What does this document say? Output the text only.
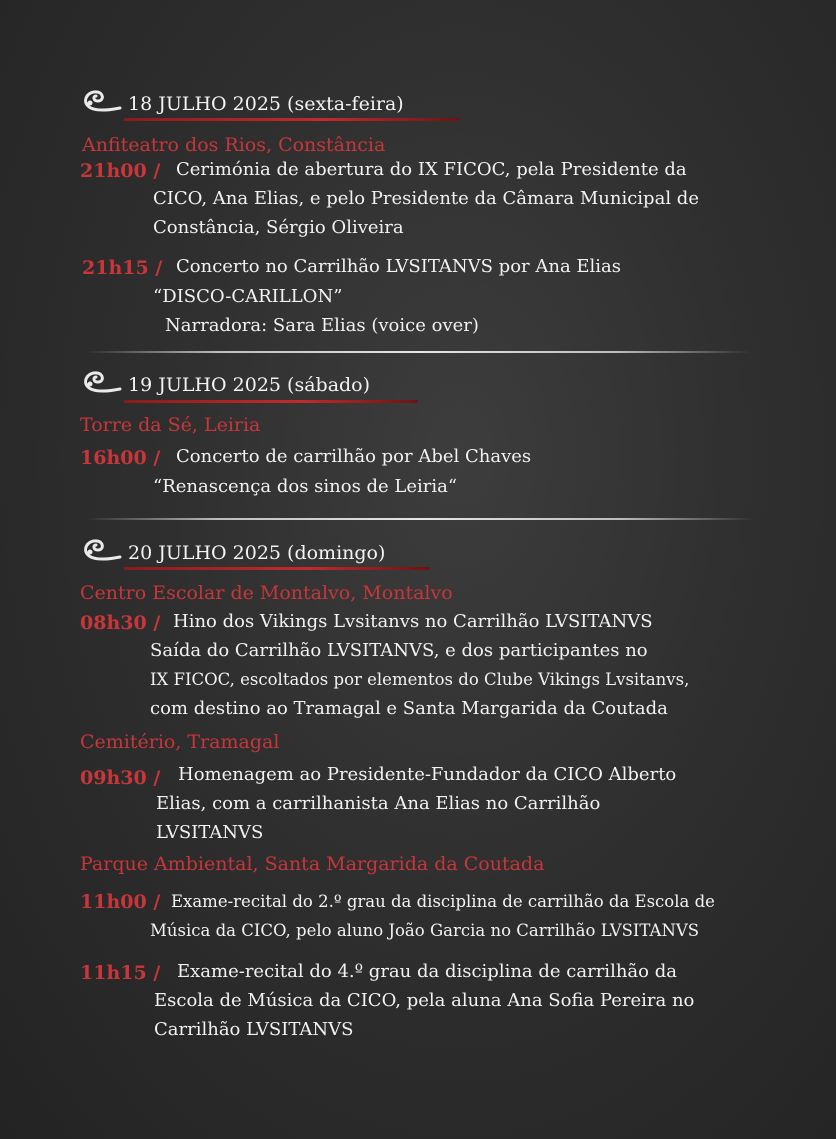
18 JULHO 2025 (sexta-feira)
Anfiteatro dos Rios, Constância
21h00 / Cerimónia de abertura do IX FICOC, pela Presidente da
CICO, Ana Elias, e pelo Presidente da Câmara Municipal de
Constância, Sérgio Oliveira
21h15 / Concerto no Carrilhão LVSITANVS por Ana Elias
“DISCO-CARILLON”
Narradora: Sara Elias (voice over)
19 JULHO 2025 (sábado)
Torre da Sé, Leiria
16h00 / Concerto de carrilhão por Abel Chaves
“Renascença dos sinos de Leiria“
20 JULHO 2025 (domingo)
Centro Escolar de Montalvo, Montalvo
08h30 / Hino dos Vikings Lvsitanvs no Carrilhão LVSITANVS
Saída do Carrilhão LVSITANVS, e dos participantes no
IX FICOC, escoltados por elementos do Clube Vikings Lvsitanvs,
com destino ao Tramagal e Santa Margarida da Coutada
Cemitério, Tramagal
09h30 / Homenagem ao Presidente-Fundador da CICO Alberto
Elias, com a carrilhanista Ana Elias no Carrilhão
LVSITANVS
Parque Ambiental, Santa Margarida da Coutada
11h00 / Exame-recital do 2.º grau da disciplina de carrilhão da Escola de
Música da CICO, pelo aluno João Garcia no Carrilhão LVSITANVS
11h15 / Exame-recital do 4.º grau da disciplina de carrilhão da
Escola de Música da CICO, pela aluna Ana Sofia Pereira no
Carrilhão LVSITANVS
